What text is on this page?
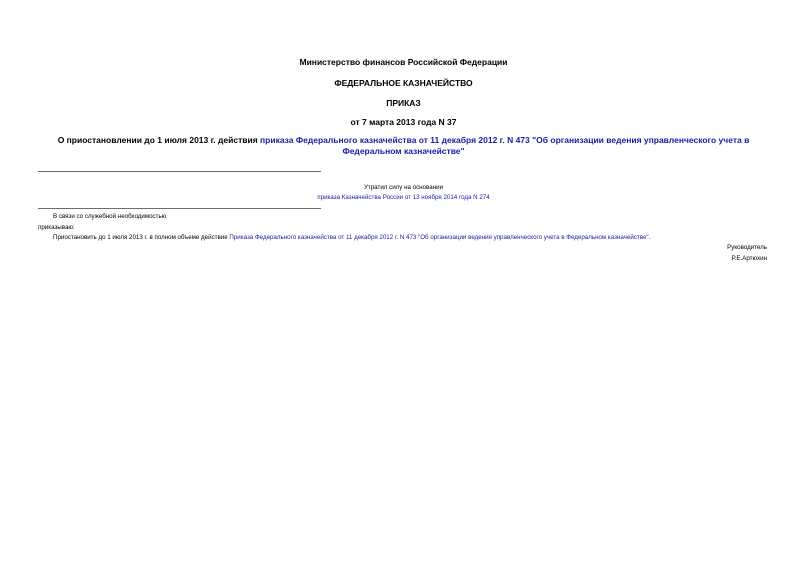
Министерство финансов Российской Федерации
ФЕДЕРАЛЬНОЕ КАЗНАЧЕЙСТВО
ПРИКАЗ
от 7 марта 2013 года N 37
О приостановлении до 1 июля 2013 г. действия приказа Федерального казначейства от 11 декабря 2012 г. N 473 "Об организации ведения управленческого учета в Федеральном казначействе"
Утратил силу на основании
приказа Казначейства России от 13 ноября 2014 года N 274
В связи со служебной необходимостью
приказываю:
Приостановить до 1 июля 2013 г. в полном объеме действие Приказа Федерального казначейства от 11 декабря 2012 г. N 473 "Об организации ведения управленческого учета в Федеральном казначействе".
Руководитель
Р.Е.Артюхин
